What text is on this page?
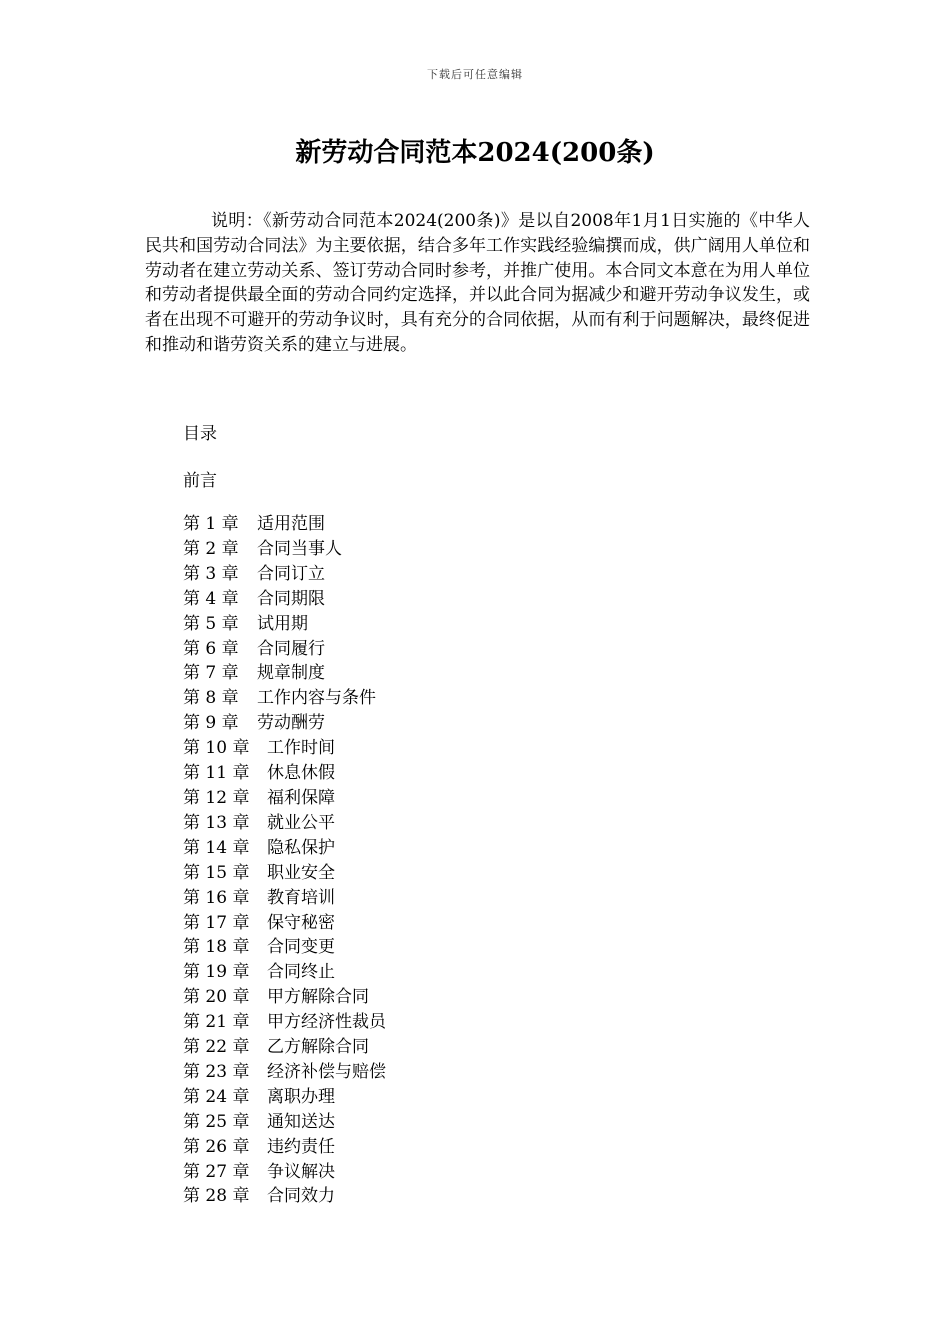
下载后可任意编辑
新劳动合同范本2024(200条)

说明：《新劳动合同范本2024(200条)》是以自2008年1月1日实施的《中华人民共和国劳动合同法》为主要依据，结合多年工作实践经验编撰而成，供广阔用人单位和劳动者在建立劳动关系、签订劳动合同时参考，并推广使用。本合同文本意在为用人单位和劳动者提供最全面的劳动合同约定选择，并以此合同为据减少和避开劳动争议发生，或者在出现不可避开的劳动争议时，具有充分的合同依据，从而有利于问题解决，最终促进和推动和谐劳资关系的建立与进展。

目录

前言

第 1 章 适用范围
第 2 章 合同当事人
第 3 章 合同订立
第 4 章 合同期限
第 5 章 试用期
第 6 章 合同履行
第 7 章 规章制度
第 8 章 工作内容与条件
第 9 章 劳动酬劳
第 10 章 工作时间
第 11 章 休息休假
第 12 章 福利保障
第 13 章 就业公平
第 14 章 隐私保护
第 15 章 职业安全
第 16 章 教育培训
第 17 章 保守秘密
第 18 章 合同变更
第 19 章 合同终止
第 20 章 甲方解除合同
第 21 章 甲方经济性裁员
第 22 章 乙方解除合同
第 23 章 经济补偿与赔偿
第 24 章 离职办理
第 25 章 通知送达
第 26 章 违约责任
第 27 章 争议解决
第 28 章 合同效力
